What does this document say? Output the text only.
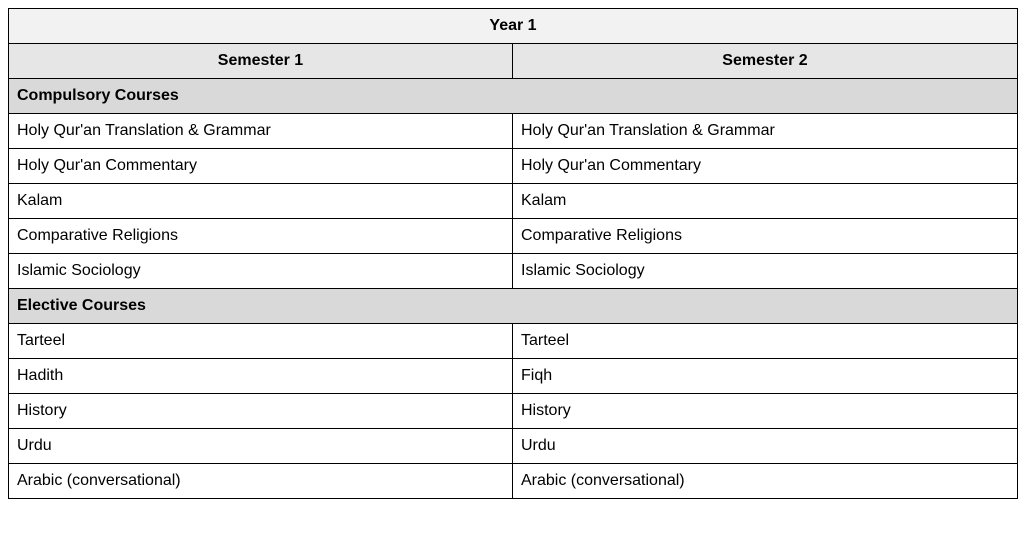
Year 1	
Semester 1	Semester 2
Compulsory Courses	
Holy Qur'an Translation & Grammar	Holy Qur'an Translation & Grammar
Holy Qur'an Commentary	Holy Qur'an Commentary
Kalam	Kalam
Comparative Religions	Comparative Religions
Islamic Sociology	Islamic Sociology
Elective Courses	
Tarteel	Tarteel
Hadith	Fiqh
History	History
Urdu	Urdu
Arabic (conversational)	Arabic (conversational)
